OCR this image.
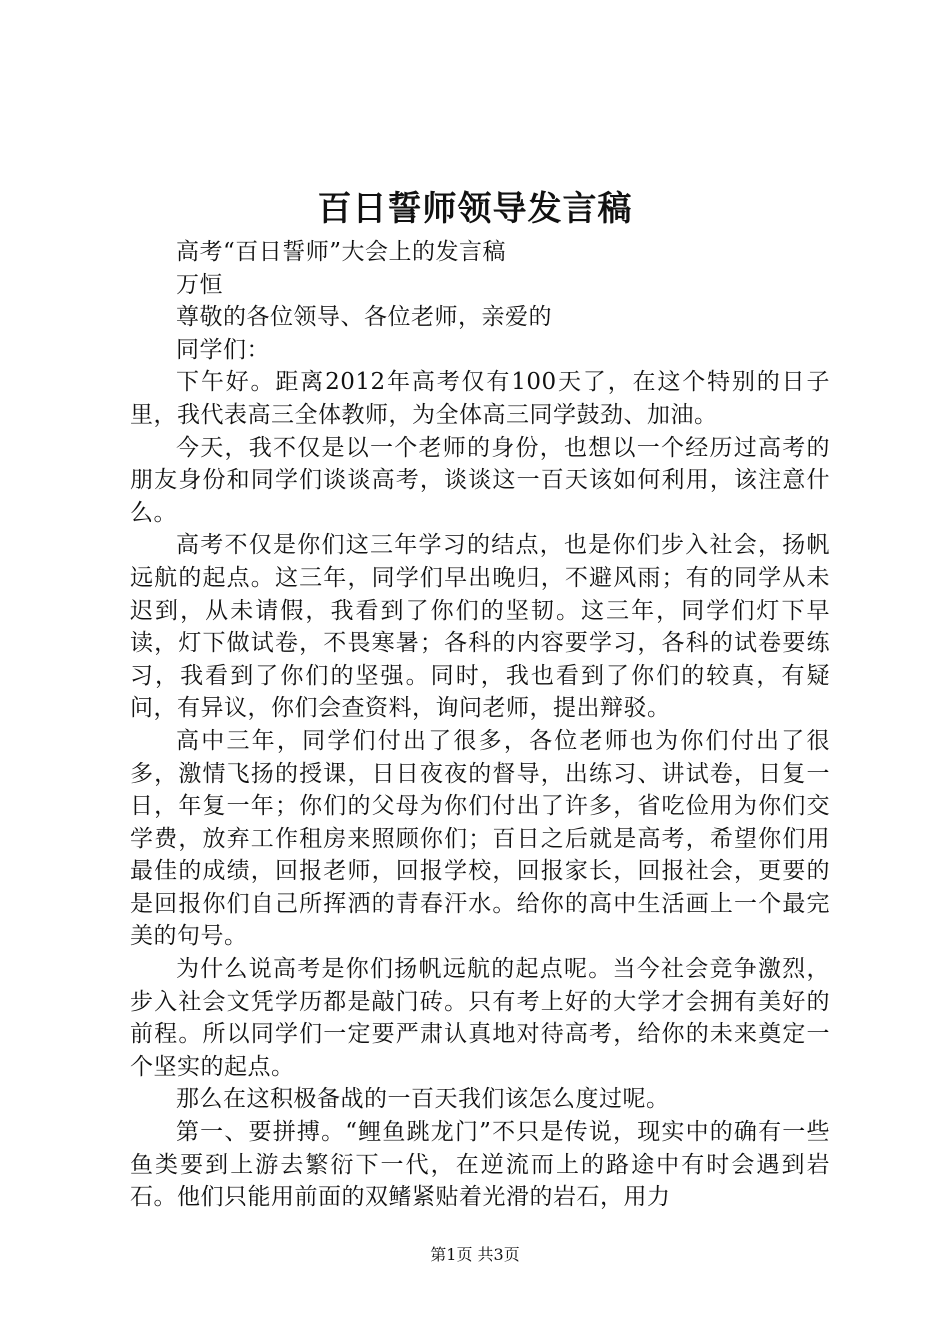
百日誓师领导发言稿

高考“百日誓师”大会上的发言稿

万恒

尊敬的各位领导、各位老师，亲爱的

同学们：

下午好。距离2012年高考仅有100天了，在这个特别的日子里，我代表高三全体教师，为全体高三同学鼓劲、加油。

今天，我不仅是以一个老师的身份，也想以一个经历过高考的朋友身份和同学们谈谈高考，谈谈这一百天该如何利用，该注意什么。

高考不仅是你们这三年学习的结点，也是你们步入社会，扬帆远航的起点。这三年，同学们早出晚归，不避风雨；有的同学从未迟到，从未请假，我看到了你们的坚韧。这三年，同学们灯下早读，灯下做试卷，不畏寒暑；各科的内容要学习，各科的试卷要练习，我看到了你们的坚强。同时，我也看到了你们的较真，有疑问，有异议，你们会查资料，询问老师，提出辩驳。

高中三年，同学们付出了很多，各位老师也为你们付出了很多，激情飞扬的授课，日日夜夜的督导，出练习、讲试卷，日复一日，年复一年；你们的父母为你们付出了许多，省吃俭用为你们交学费，放弃工作租房来照顾你们；百日之后就是高考，希望你们用最佳的成绩，回报老师，回报学校，回报家长，回报社会，更要的是回报你们自己所挥洒的青春汗水。给你的高中生活画上一个最完美的句号。

为什么说高考是你们扬帆远航的起点呢。当今社会竞争激烈，步入社会文凭学历都是敲门砖。只有考上好的大学才会拥有美好的前程。所以同学们一定要严肃认真地对待高考，给你的未来奠定一个坚实的起点。

那么在这积极备战的一百天我们该怎么度过呢。

第一、要拼搏。“鲤鱼跳龙门”不只是传说，现实中的确有一些鱼类要到上游去繁衍下一代，在逆流而上的路途中有时会遇到岩石。他们只能用前面的双鳍紧贴着光滑的岩石，用力

第1页 共3页
